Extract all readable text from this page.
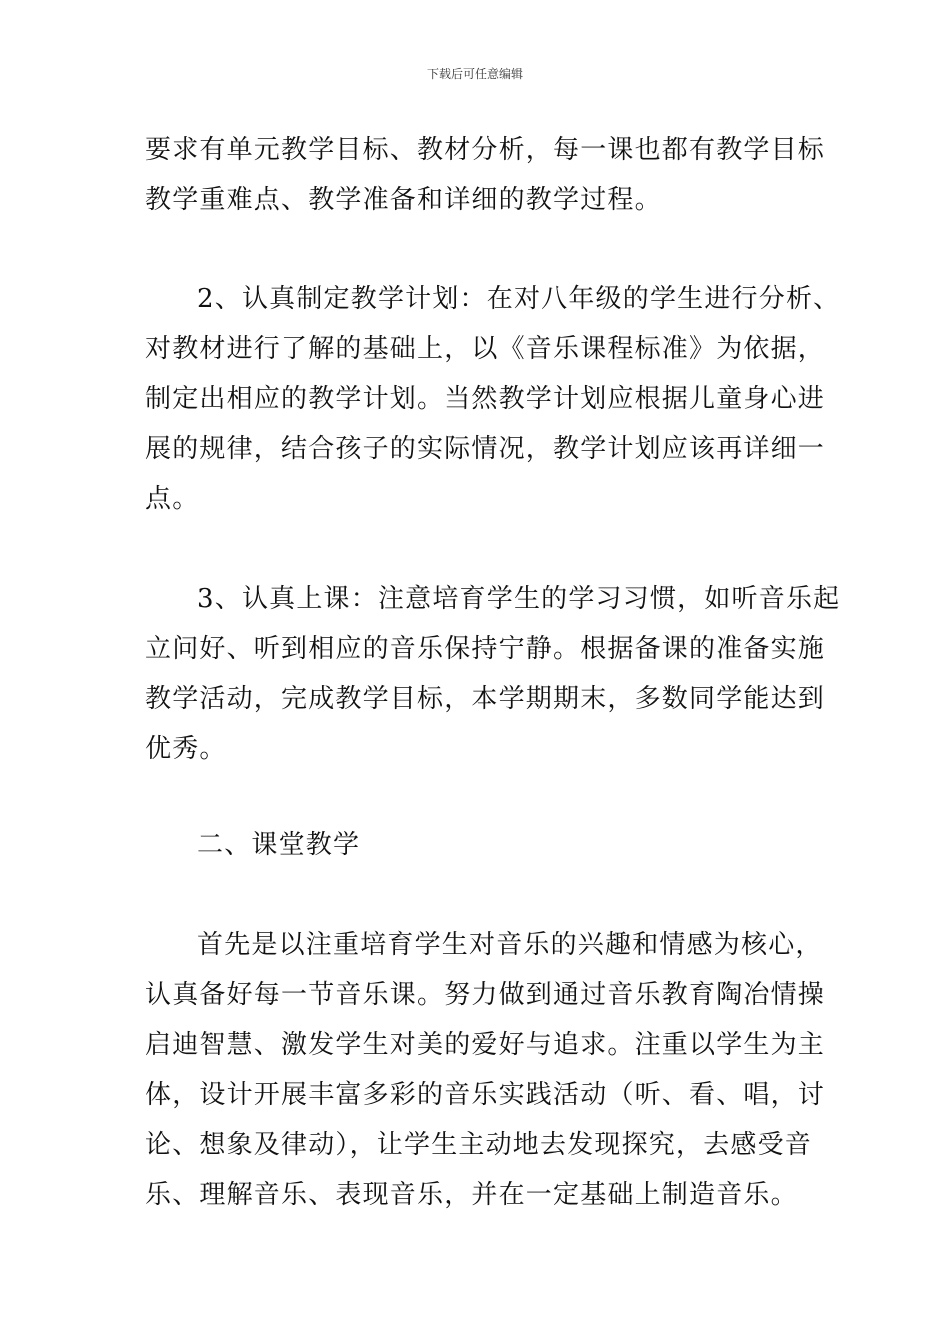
下载后可任意编辑

要求有单元教学目标、教材分析，每一课也都有教学目标
教学重难点、教学准备和详细的教学过程。

2、认真制定教学计划：在对八年级的学生进行分析、
对教材进行了解的基础上，以《音乐课程标准》为依据，
制定出相应的教学计划。当然教学计划应根据儿童身心进
展的规律，结合孩子的实际情况，教学计划应该再详细一
点。

3、认真上课：注意培育学生的学习习惯，如听音乐起
立问好、听到相应的音乐保持宁静。根据备课的准备实施
教学活动，完成教学目标，本学期期末，多数同学能达到
优秀。

二、课堂教学

首先是以注重培育学生对音乐的兴趣和情感为核心，
认真备好每一节音乐课。努力做到通过音乐教育陶冶情操
启迪智慧、激发学生对美的爱好与追求。注重以学生为主
体，设计开展丰富多彩的音乐实践活动（听、看、唱，讨
论、想象及律动），让学生主动地去发现探究，去感受音
乐、理解音乐、表现音乐，并在一定基础上制造音乐。
